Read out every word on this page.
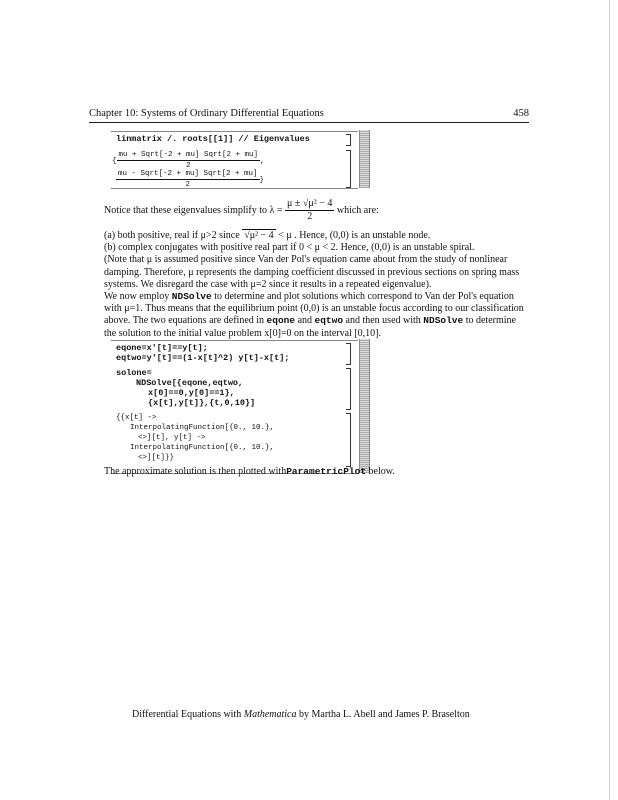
Chapter 10: Systems of Ordinary Differential Equations	458
linmatrix /. roots[[1]] // Eigenvalues
{ $\frac{\text{mu + Sqrt[-2 + mu] Sqrt[2 + mu]}}{2}$ ,
$\frac{\text{mu - Sqrt[-2 + mu] Sqrt[2 + mu]}}{2}$ }
Notice that these eigenvalues simplify to $\lambda = \frac{\text{μ ± √μ² − 4}}{2}$ which are:

(a) both positive, real if μ>2 since √μ² − 4 < μ . Hence, (0,0) is an unstable node.

(b) complex conjugates with positive real part if 0 < μ < 2. Hence, (0,0) is an unstable spiral.

(Note that μ is assumed positive since Van der Pol's equation came about from the study of nonlinear damping. Therefore, μ represents the damping coefficient discussed in previous sections on spring mass systems. We disregard the case with μ=2 since it results in a repeated eigenvalue).

We now employ NDSolve to determine and plot solutions which correspond to Van der Pol's equation with μ=1. Thus means that the equilibrium point (0,0) is an unstable focus according to our classification above. The two equations are defined in eqone and eqtwo and then used with NDSolve to determine the solution to the initial value problem x[0]=0 on the interval [0,10].

eqone=x'[t]==y[t];
eqtwo=y'[t]==(1-x[t]^2) y[t]-x[t];
solone=
NDSolve[{eqone,eqtwo,
x[0]==0,y[0]==1},
{x[t],y[t]},{t,0,10}]
{{x[t] ->
InterpolatingFunction[{0., 10.},
<>][t], y[t] ->
InterpolatingFunction[{0., 10.},
<>][t]}}
The approximate solution is then plotted withParametricPlot below.
Differential Equations with Mathematica by Martha L. Abell and James P. Braselton
